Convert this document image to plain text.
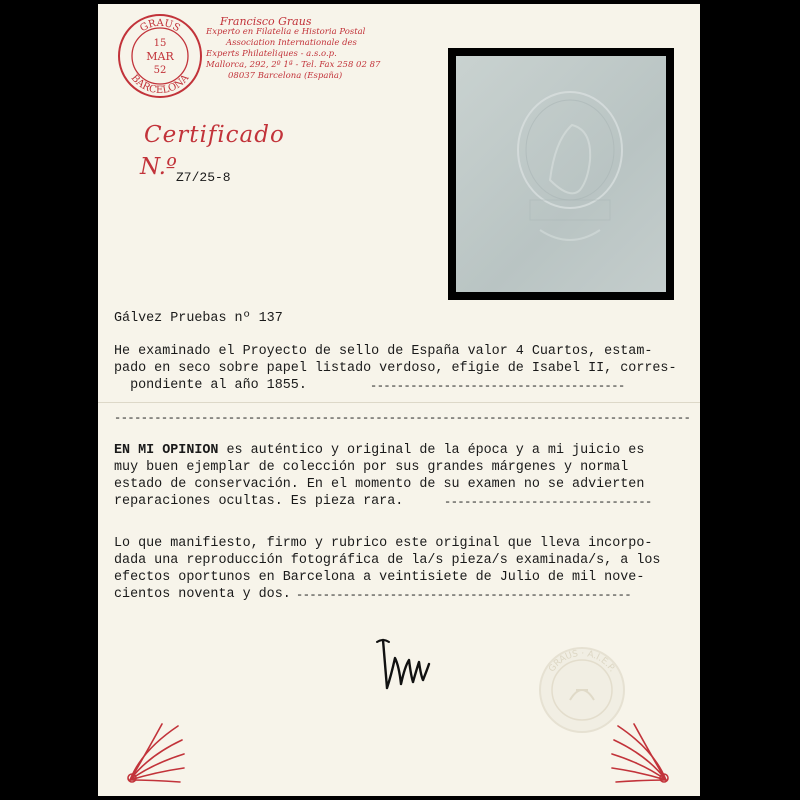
GRAUS
BARCELONA
15
MAR
52
Francisco Graus
Experto en Filatelia e Historia Postal
Association Internationale des
Experts Philateliques - a.s.o.p.
Mallorca, 292, 2º 1ª - Tel. Fax 258 02 87
08037 Barcelona (España)
Certificado
N.º Z7/25-8
Gálvez Pruebas nº 137
He examinado el Proyecto de sello de España valor 4 Cuartos, estam-
pado en seco sobre papel listado verdoso, efigie de Isabel II, corres-
pondiente al año 1855.	--------------------------------------
--------------------------------------------------------------------------------------
EN MI OPINION es auténtico y original de la época y a mi juicio es
muy buen ejemplar de colección por sus grandes márgenes y normal
estado de conservación. En el momento de su examen no se advierten
reparaciones ocultas. Es pieza rara.	-------------------------------
Lo que manifiesto, firmo y rubrico este original que lleva incorpo-
dada una reproducción fotográfica de la/s pieza/s examinada/s, a los
efectos oportunos en Barcelona a veintisiete de Julio de mil nove-
cientos noventa y dos. --------------------------------------------------
GRAUS · A.I.E.P.
